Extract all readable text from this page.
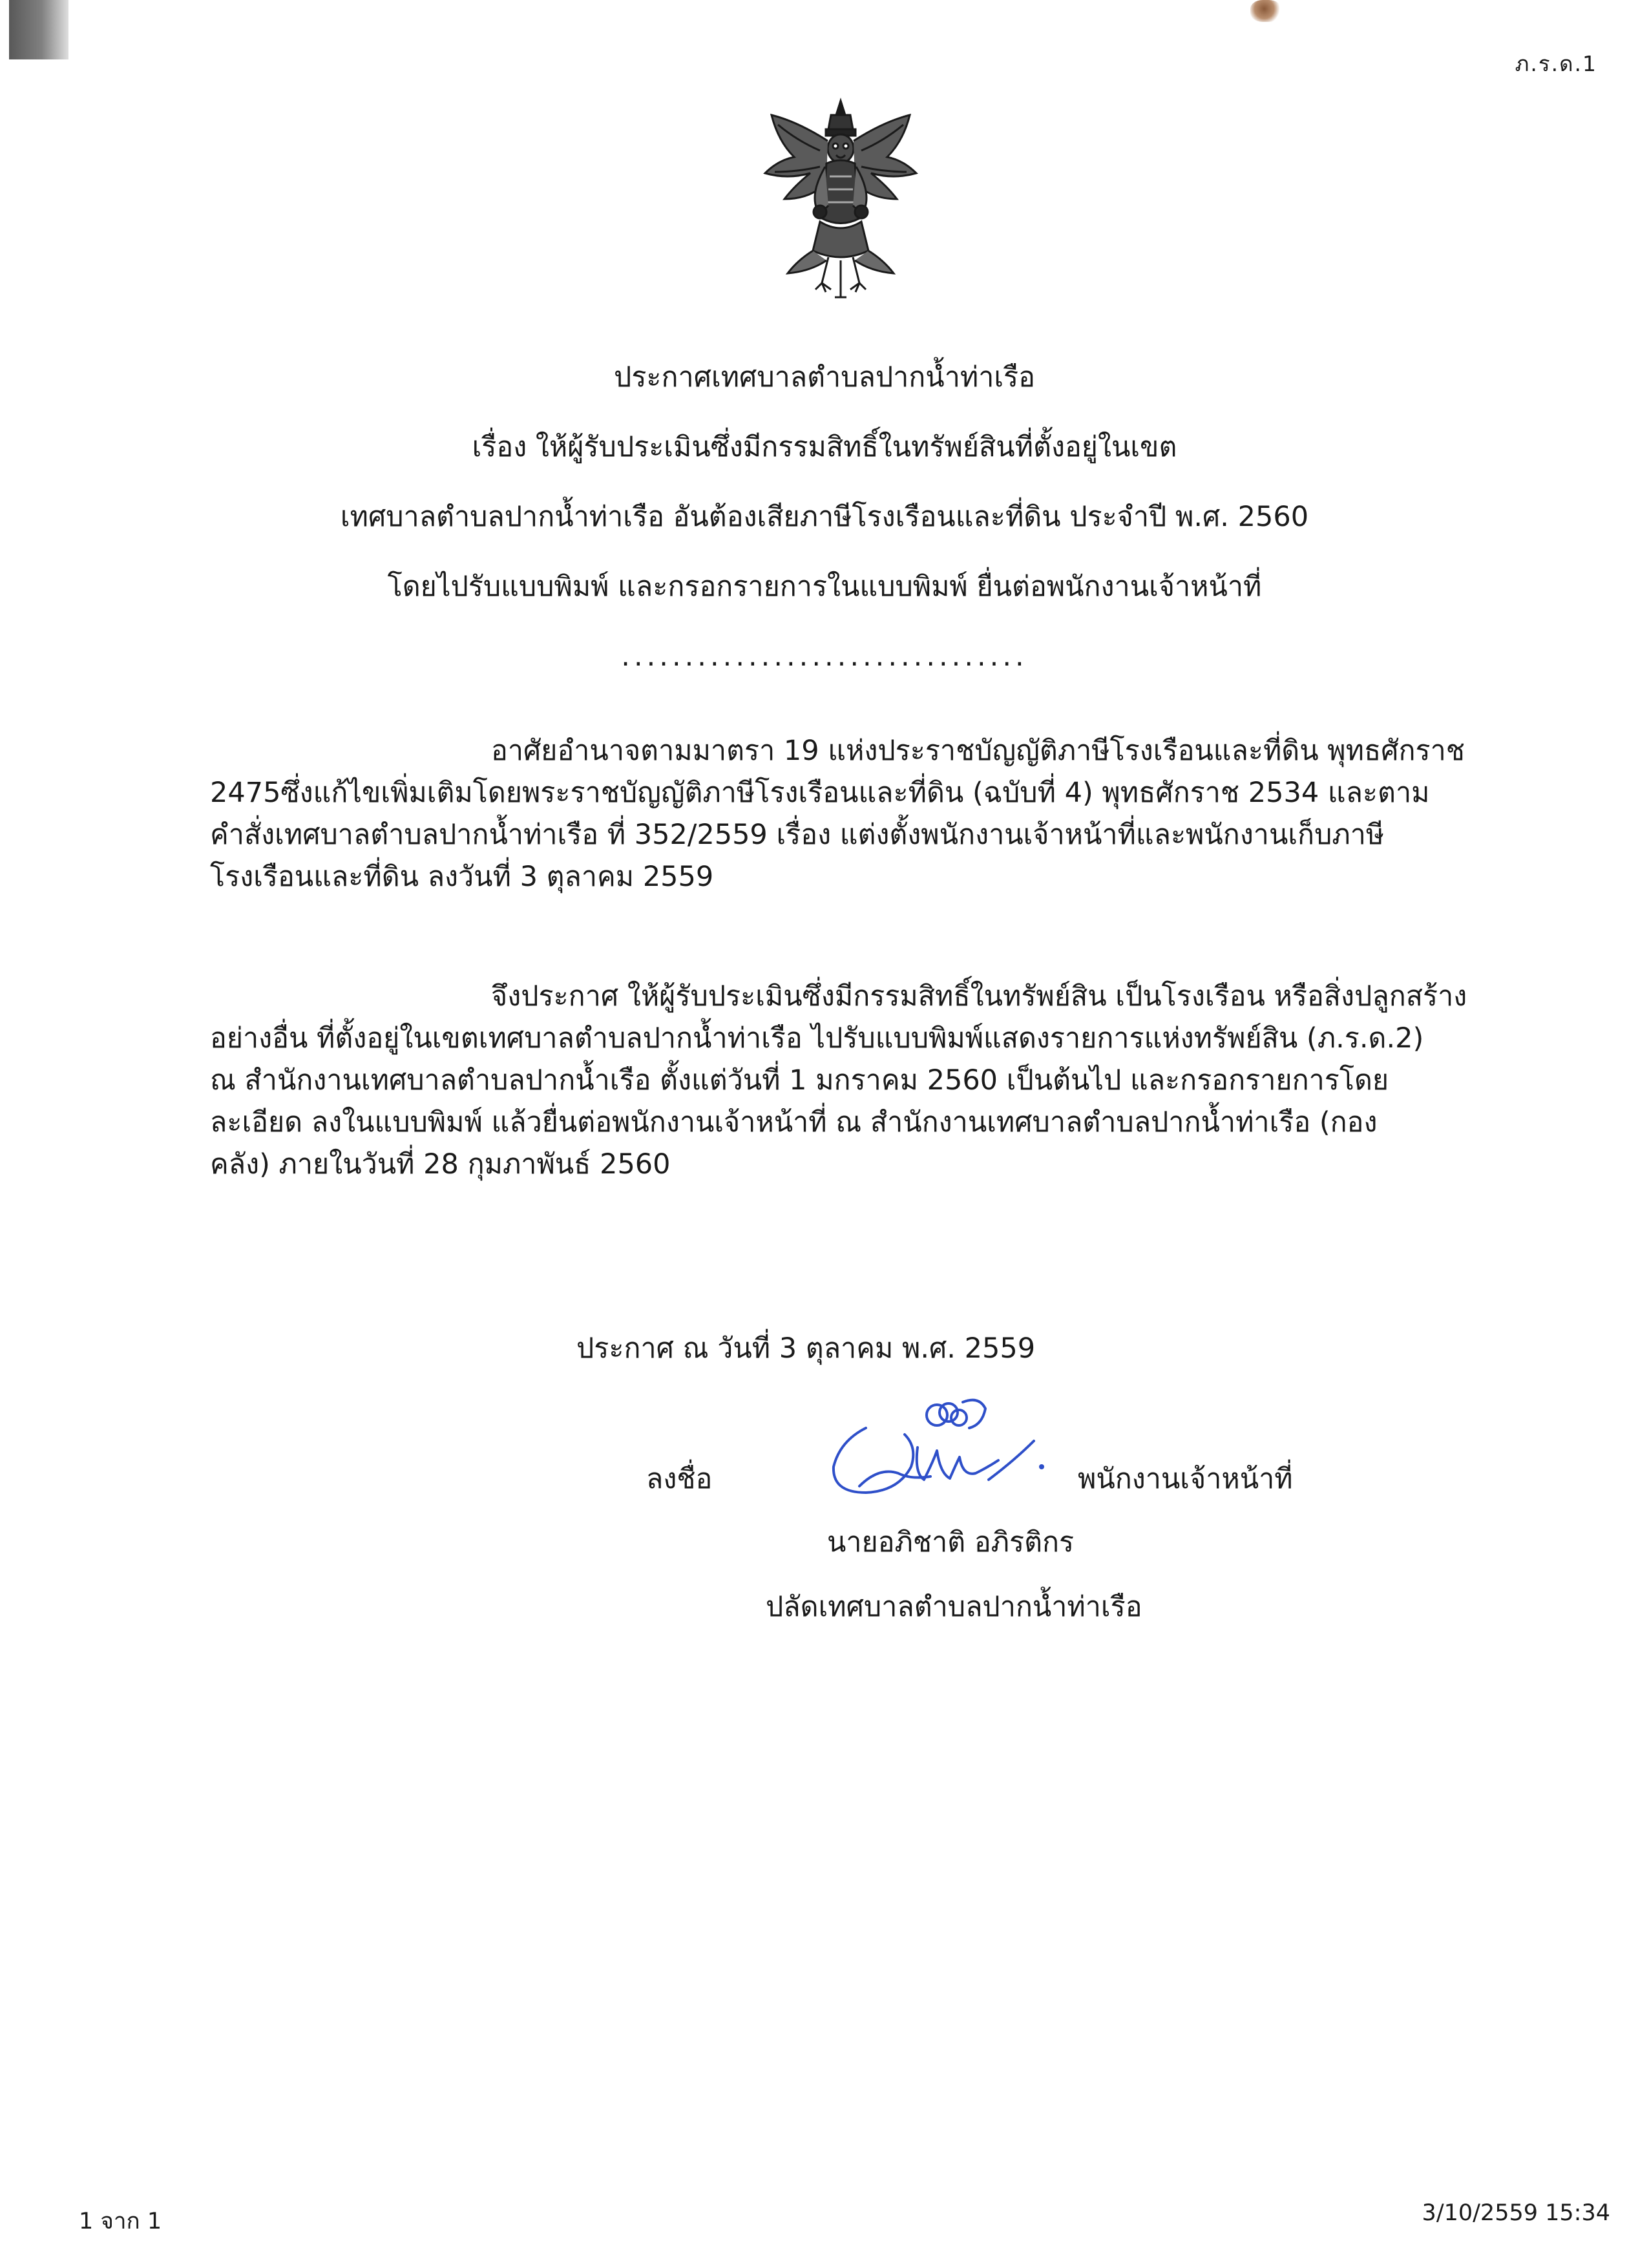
ภ.ร.ด.1
ประกาศเทศบาลตำบลปากน้ำท่าเรือ
เรื่อง ให้ผู้รับประเมินซึ่งมีกรรมสิทธิ์ในทรัพย์สินที่ตั้งอยู่ในเขต
เทศบาลตำบลปากน้ำท่าเรือ อันต้องเสียภาษีโรงเรือนและที่ดิน ประจำปี พ.ศ. 2560
โดยไปรับแบบพิมพ์ และกรอกรายการในแบบพิมพ์ ยื่นต่อพนักงานเจ้าหน้าที่
................................
อาศัยอำนาจตามมาตรา 19 แห่งประราชบัญญัติภาษีโรงเรือนและที่ดิน พุทธศักราช
2475ซึ่งแก้ไขเพิ่มเติมโดยพระราชบัญญัติภาษีโรงเรือนและที่ดิน (ฉบับที่ 4) พุทธศักราช 2534 และตาม
คำสั่งเทศบาลตำบลปากน้ำท่าเรือ ที่ 352/2559 เรื่อง แต่งตั้งพนักงานเจ้าหน้าที่และพนักงานเก็บภาษี
โรงเรือนและที่ดิน ลงวันที่ 3 ตุลาคม 2559
จึงประกาศ ให้ผู้รับประเมินซึ่งมีกรรมสิทธิ์ในทรัพย์สิน เป็นโรงเรือน หรือสิ่งปลูกสร้าง
อย่างอื่น ที่ตั้งอยู่ในเขตเทศบาลตำบลปากน้ำท่าเรือ ไปรับแบบพิมพ์แสดงรายการแห่งทรัพย์สิน (ภ.ร.ด.2)
ณ สำนักงานเทศบาลตำบลปากน้ำเรือ ตั้งแต่วันที่ 1 มกราคม 2560 เป็นต้นไป และกรอกรายการโดย
ละเอียด ลงในแบบพิมพ์ แล้วยื่นต่อพนักงานเจ้าหน้าที่ ณ สำนักงานเทศบาลตำบลปากน้ำท่าเรือ (กอง
คลัง) ภายในวันที่ 28 กุมภาพันธ์ 2560
ประกาศ ณ วันที่ 3 ตุลาคม พ.ศ. 2559
ลงชื่อ	พนักงานเจ้าหน้าที่
นายอภิชาติ อภิรติกร
ปลัดเทศบาลตำบลปากน้ำท่าเรือ
1 จาก 1	3/10/2559 15:34
